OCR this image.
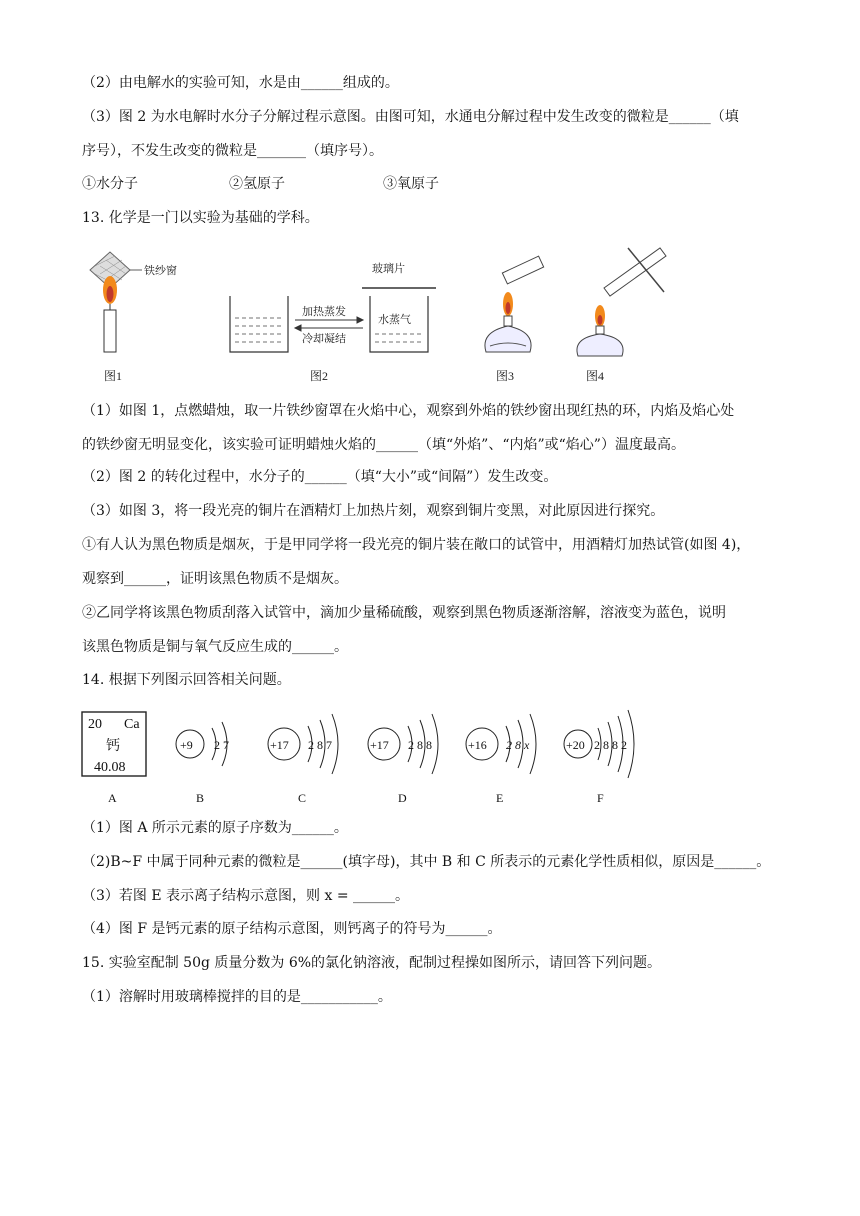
（2）由电解水的实验可知，水是由______组成的。
（3）图 2 为水电解时水分子分解过程示意图。由图可知，水通电分解过程中发生改变的微粒是______（填
序号），不发生改变的微粒是_______（填序号）。
①水分子	②氢原子	③氧原子
13. 化学是一门以实验为基础的学科。
铁纱窗
加热蒸发
冷却凝结
水蒸气
玻璃片
图1	图2	图3	图4
（1）如图 1，点燃蜡烛，取一片铁纱窗罩在火焰中心，观察到外焰的铁纱窗出现红热的环，内焰及焰心处
的铁纱窗无明显变化，该实验可证明蜡烛火焰的______（填“外焰”、“内焰”或“焰心”）温度最高。
（2）图 2 的转化过程中，水分子的______（填“大小”或“间隔”）发生改变。
（3）如图 3，将一段光亮的铜片在酒精灯上加热片刻，观察到铜片变黑，对此原因进行探究。
①有人认为黑色物质是烟灰，于是甲同学将一段光亮的铜片装在敞口的试管中，用酒精灯加热试管(如图 4)，
观察到______，证明该黑色物质不是烟灰。
②乙同学将该黑色物质刮落入试管中，滴加少量稀硫酸，观察到黑色物质逐渐溶解，溶液变为蓝色，说明
该黑色物质是铜与氧气反应生成的______。
14. 根据下列图示回答相关问题。
20 Ca
钙
40.08
A
+9 2 7
B
+17 2 8 7
C
+17 2 8 8
D
+16 2 8 x
E
+20 2 8 8 2
F
（1）图 A 所示元素的原子序数为______。
（2)B~F 中属于同种元素的微粒是______(填字母)，其中 B 和 C 所表示的元素化学性质相似，原因是______。
（3）若图 E 表示离子结构示意图，则 x = ______。
（4）图 F 是钙元素的原子结构示意图，则钙离子的符号为______。
15. 实验室配制 50g 质量分数为 6%的氯化钠溶液，配制过程操如图所示，请回答下列问题。
（1）溶解时用玻璃棒搅拌的目的是___________。
